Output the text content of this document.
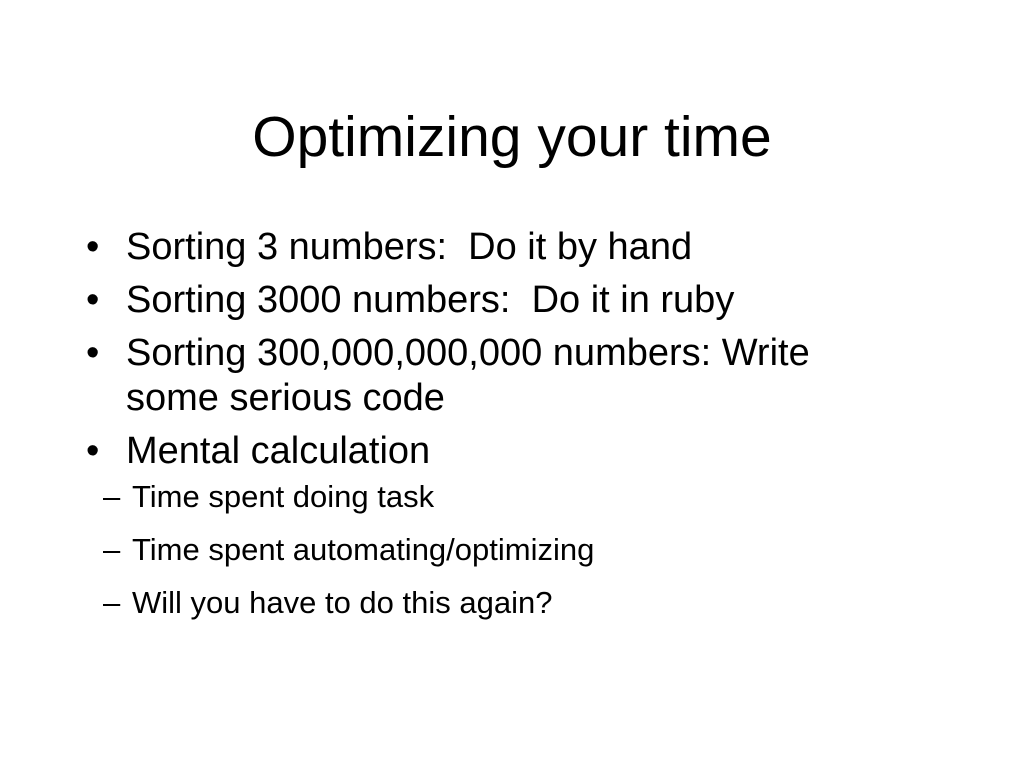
Optimizing your time
• Sorting 3 numbers:  Do it by hand
• Sorting 3000 numbers:  Do it in ruby
• Sorting 300,000,000,000 numbers: Write some serious code
• Mental calculation
– Time spent doing task
– Time spent automating/optimizing
– Will you have to do this again?
